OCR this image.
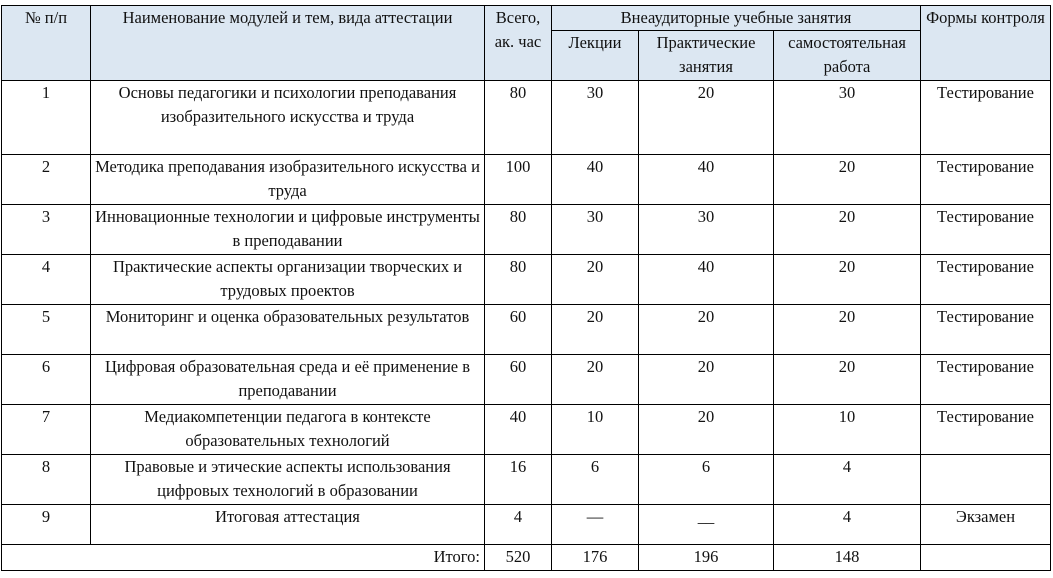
№ п/п	Наименование модулей и тем, вида аттестации	Всего, ак. час	Внеаудиторные учебные занятия			Формы контроля
			Лекции	Практические занятия	самостоятельная работа	
1	Основы педагогики и психологии преподавания изобразительного искусства и труда	80	30	20	30	Тестирование
2	Методика преподавания изобразительного искусства и труда	100	40	40	20	Тестирование
3	Инновационные технологии и цифровые инструменты в преподавании	80	30	30	20	Тестирование
4	Практические аспекты организации творческих и трудовых проектов	80	20	40	20	Тестирование
5	Мониторинг и оценка образовательных результатов	60	20	20	20	Тестирование
6	Цифровая образовательная среда и её применение в преподавании	60	20	20	20	Тестирование
7	Медиакомпетенции педагога в контексте образовательных технологий	40	10	20	10	Тестирование
8	Правовые и этические аспекты использования цифровых технологий в образовании	16	6	6	4	
9	Итоговая аттестация	4	—	__	4	Экзамен
Итого:		520	176	196	148	
